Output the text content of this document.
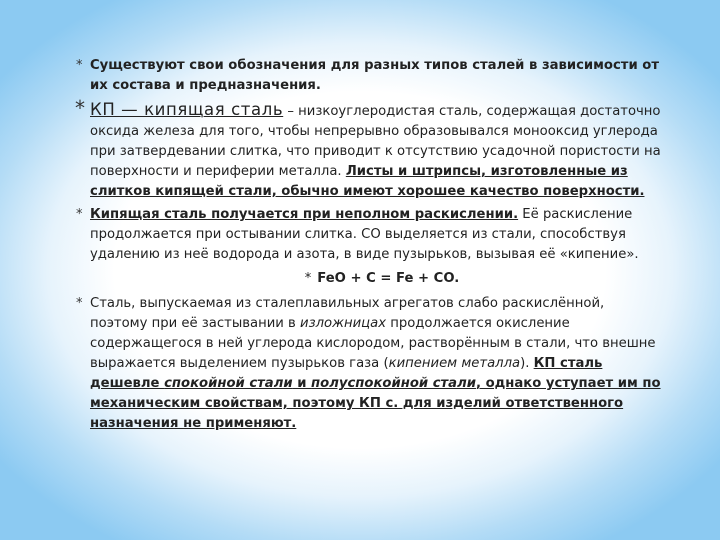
* Существуют свои обозначения для разных типов сталей в зависимости от их состава и предназначения.
* КП — кипящая сталь – низкоуглеродистая сталь, содержащая достаточно оксида железа для того, чтобы непрерывно образовывался монооксид углерода при затвердевании слитка, что приводит к отсутствию усадочной пористости на поверхности и периферии металла. Листы и штрипсы, изготовленные из слитков кипящей стали, обычно имеют хорошее качество поверхности.
* Кипящая сталь получается при неполном раскислении. Её раскисление продолжается при остывании слитка. СО выделяется из стали, способствуя удалению из неё водорода и азота, в виде пузырьков, вызывая её «кипение».
* FeO + C = Fe + CO.
* Сталь, выпускаемая из сталеплавильных агрегатов слабо раскислённой, поэтому при её застывании в изложницах продолжается окисление содержащегося в ней углерода кислородом, растворённым в стали, что внешне выражается выделением пузырьков газа (кипением металла). КП сталь дешевле спокойной стали и полуспокойной стали, однако уступает им по механическим свойствам, поэтому КП с. для изделий ответственного назначения не применяют.
